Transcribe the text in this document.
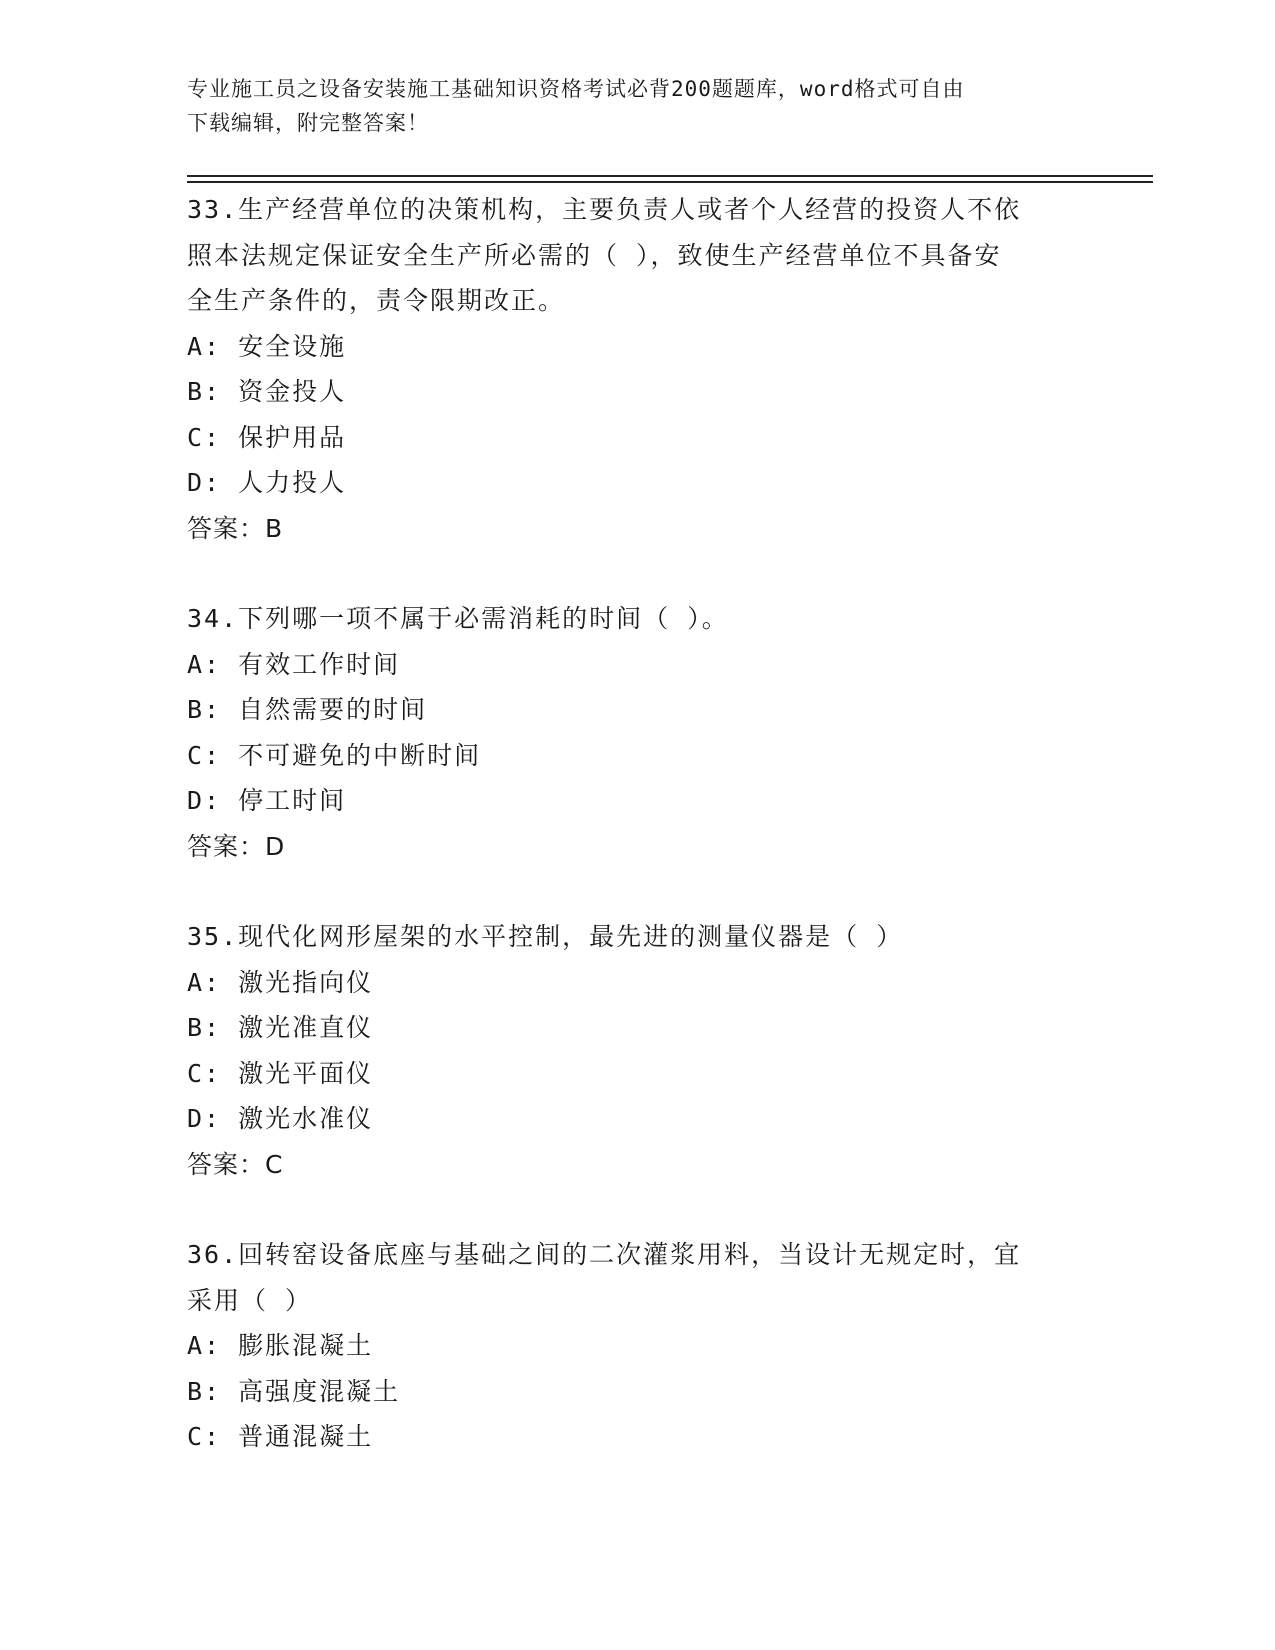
专业施工员之设备安装施工基础知识资格考试必背200题题库，word格式可自由
下载编辑，附完整答案！
33.生产经营单位的决策机构，主要负责人或者个人经营的投资人不依
照本法规定保证安全生产所必需的（ ），致使生产经营单位不具备安
全生产条件的，责令限期改正。
A: 安全设施
B: 资金投人
C: 保护用品
D: 人力投人
答案：B
34.下列哪一项不属于必需消耗的时间（ ）。
A: 有效工作时间
B: 自然需要的时间
C: 不可避免的中断时间
D: 停工时间
答案：D
35.现代化网形屋架的水平控制，最先进的测量仪器是（ ）
A: 激光指向仪
B: 激光准直仪
C: 激光平面仪
D: 激光水准仪
答案：C
36.回转窑设备底座与基础之间的二次灌浆用料，当设计无规定时，宜
采用（ ）
A: 膨胀混凝土
B: 高强度混凝土
C: 普通混凝土
